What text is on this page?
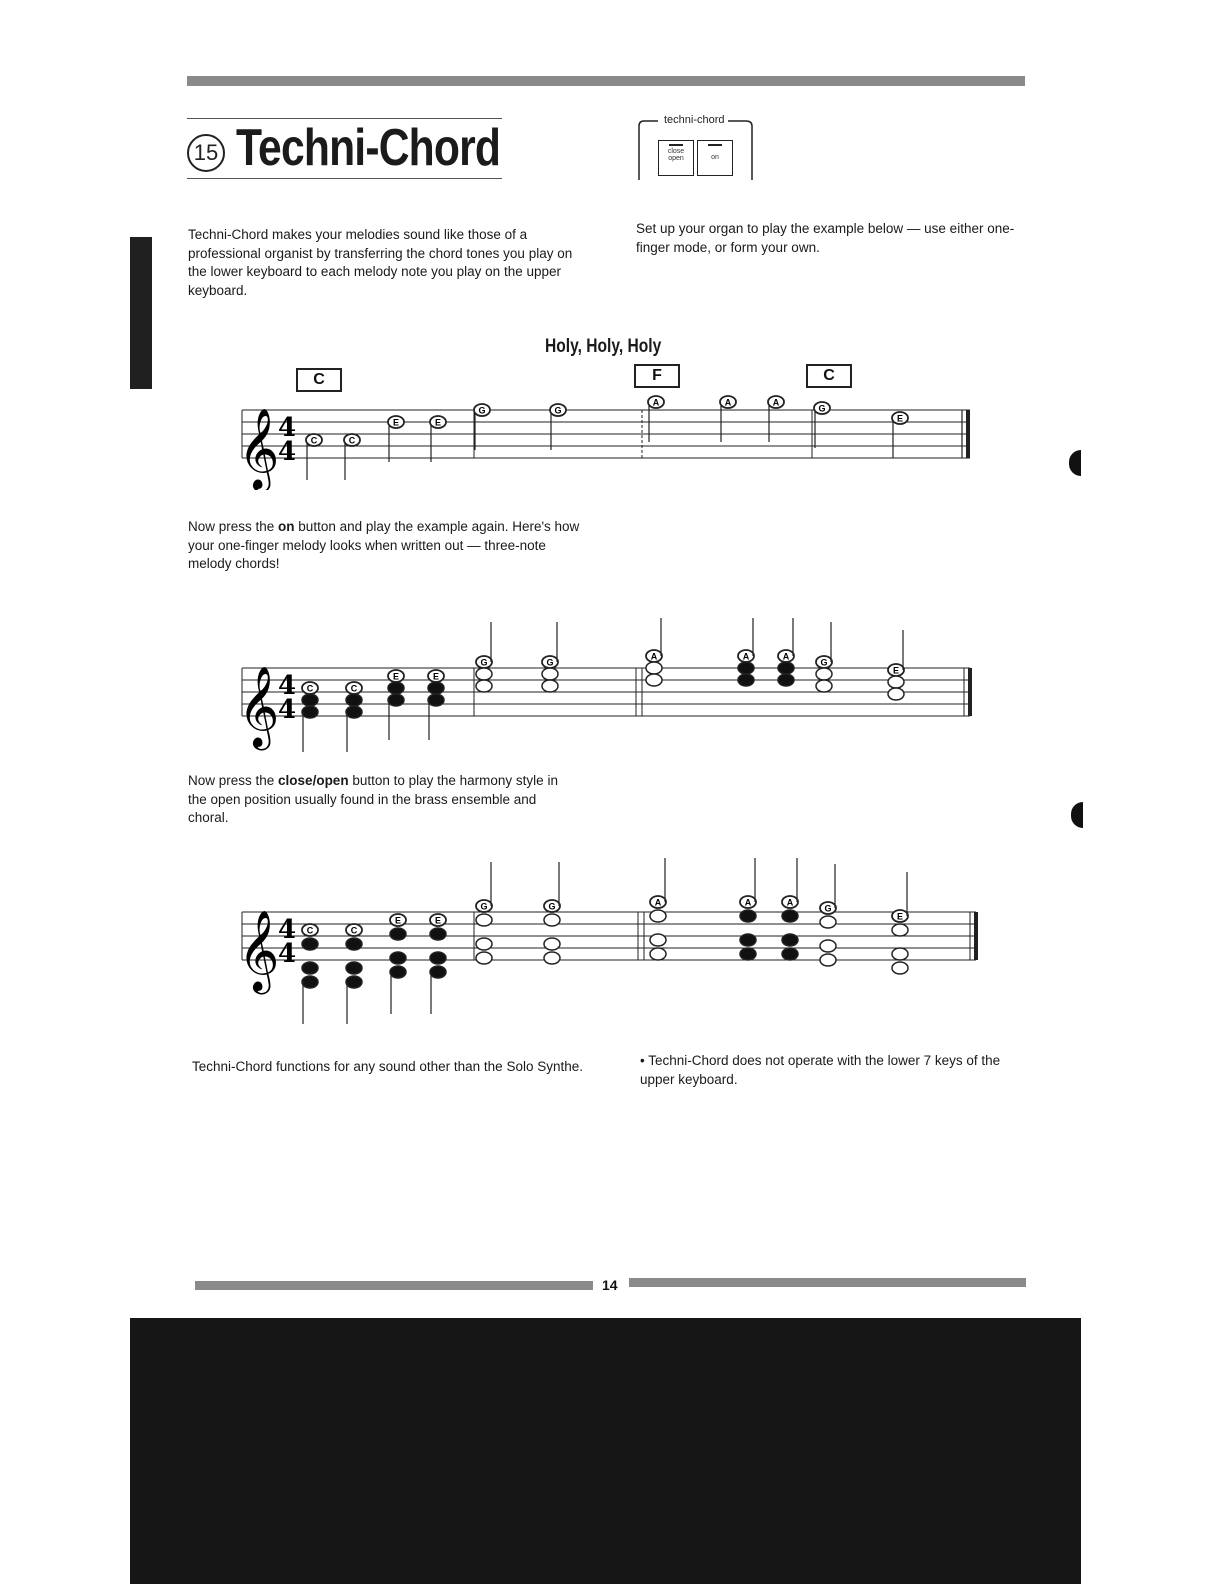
15 Techni-Chord	techni-chord
close
open	on
Techni-Chord makes your melodies sound like those of a professional organist by transferring the chord tones you play on the lower keyboard to each melody note you play on the upper keyboard.
Set up your organ to play the example below — use either one-finger mode, or form your own.
Holy, Holy, Holy
C	F	C
𝄞
4
4 C	C
E	E
G	G
A	A	A
G
E
Now press the on button and play the example again. Here's how your one-finger melody looks when written out — three-note melody chords!
𝄞
4
4
C	C
E	E
G	G
A	A	A
G
E
Now press the close/open button to play the harmony style in the open position usually found in the brass ensemble and choral.
𝄞
4
4
C	C
E	E
G	G	A	A	A
G
E
Techni-Chord functions for any sound other than the Solo Synthe.	• Techni-Chord does not operate with the lower 7 keys of the upper keyboard.
14
